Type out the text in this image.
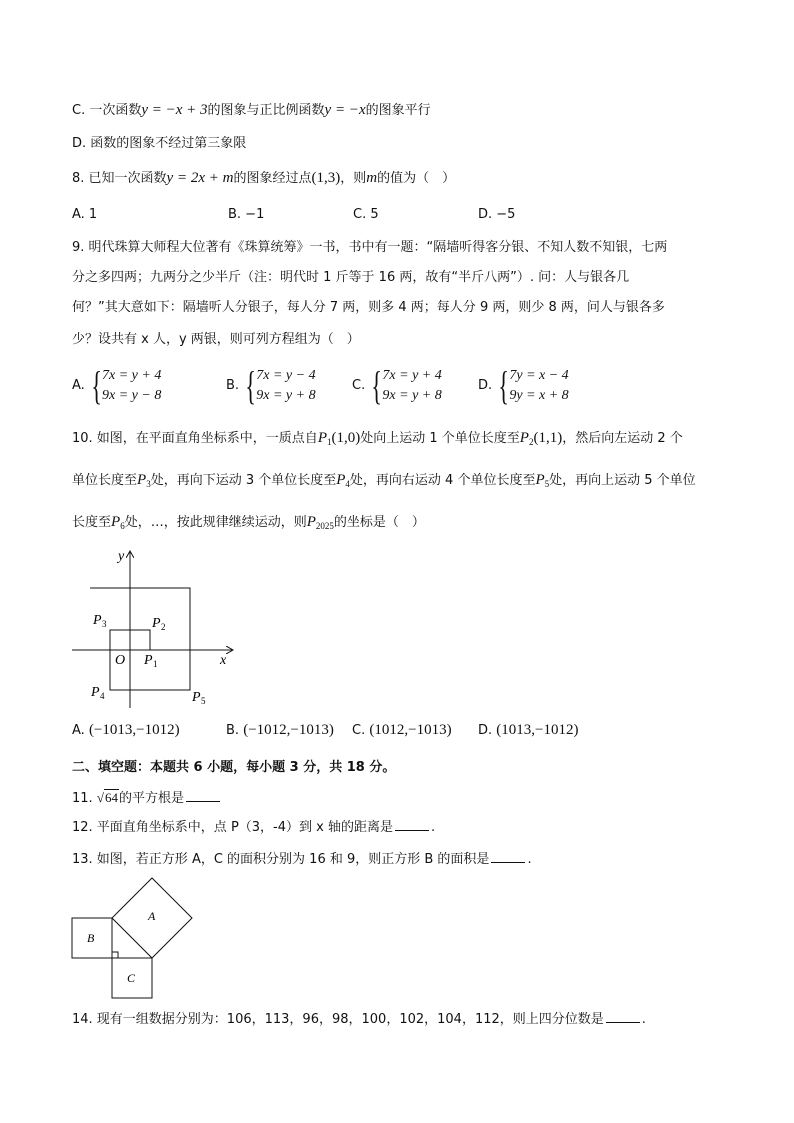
C. 一次函数y = −x + 3的图象与正比例函数y = −x的图象平行
D. 函数的图象不经过第三象限
8. 已知一次函数y = 2x + m的图象经过点(1,3)，则m的值为（　）
A. 1	B. −1	C. 5	D. −5
9. 明代珠算大师程大位著有《珠算统筹》一书，书中有一题：“隔墙听得客分银、不知人数不知银，七两
分之多四两；九两分之少半斤（注：明代时 1 斤等于 16 两，故有“半斤八两”）. 问：人与银各几
何？”其大意如下：隔墙听人分银子，每人分 7 两，则多 4 两；每人分 9 两，则少 8 两，问人与银各多
少？设共有 x 人，y 两银，则可列方程组为（　）
A. { 7x = y + 4
9x = y − 8
B. { 7x = y − 4
9x = y + 8
C. { 7x = y + 4
9x = y + 8
D. { 7y = x − 4
9y = x + 8
10. 如图，在平面直角坐标系中，一质点自$P_1(1,0)$处向上运动 1 个单位长度至$P_2(1,1)$，然后向左运动 2 个
单位长度至$P_3$处，再向下运动 3 个单位长度至$P_4$处，再向右运动 4 个单位长度至$P_5$处，再向上运动 5 个单位
长度至$P_6$处，…，按此规律继续运动，则$P_{2025}$的坐标是（　）
y
x
O P 1
P 2
P 3
P 4	P 5
A. (−1013,−1012)	B. (−1012,−1013) C. (1012,−1013) D. (1013,−1012)
二、填空题：本题共 6 小题，每小题 3 分，共 18 分。
11. √64的平方根是
12. 平面直角坐标系中，点 P（3，-4）到 x 轴的距离是	.
13. 如图，若正方形 A，C 的面积分别为 16 和 9，则正方形 B 的面积是	.
A
B
C
14. 现有一组数据分别为：106，113，96，98，100，102，104，112，则上四分位数是	.
